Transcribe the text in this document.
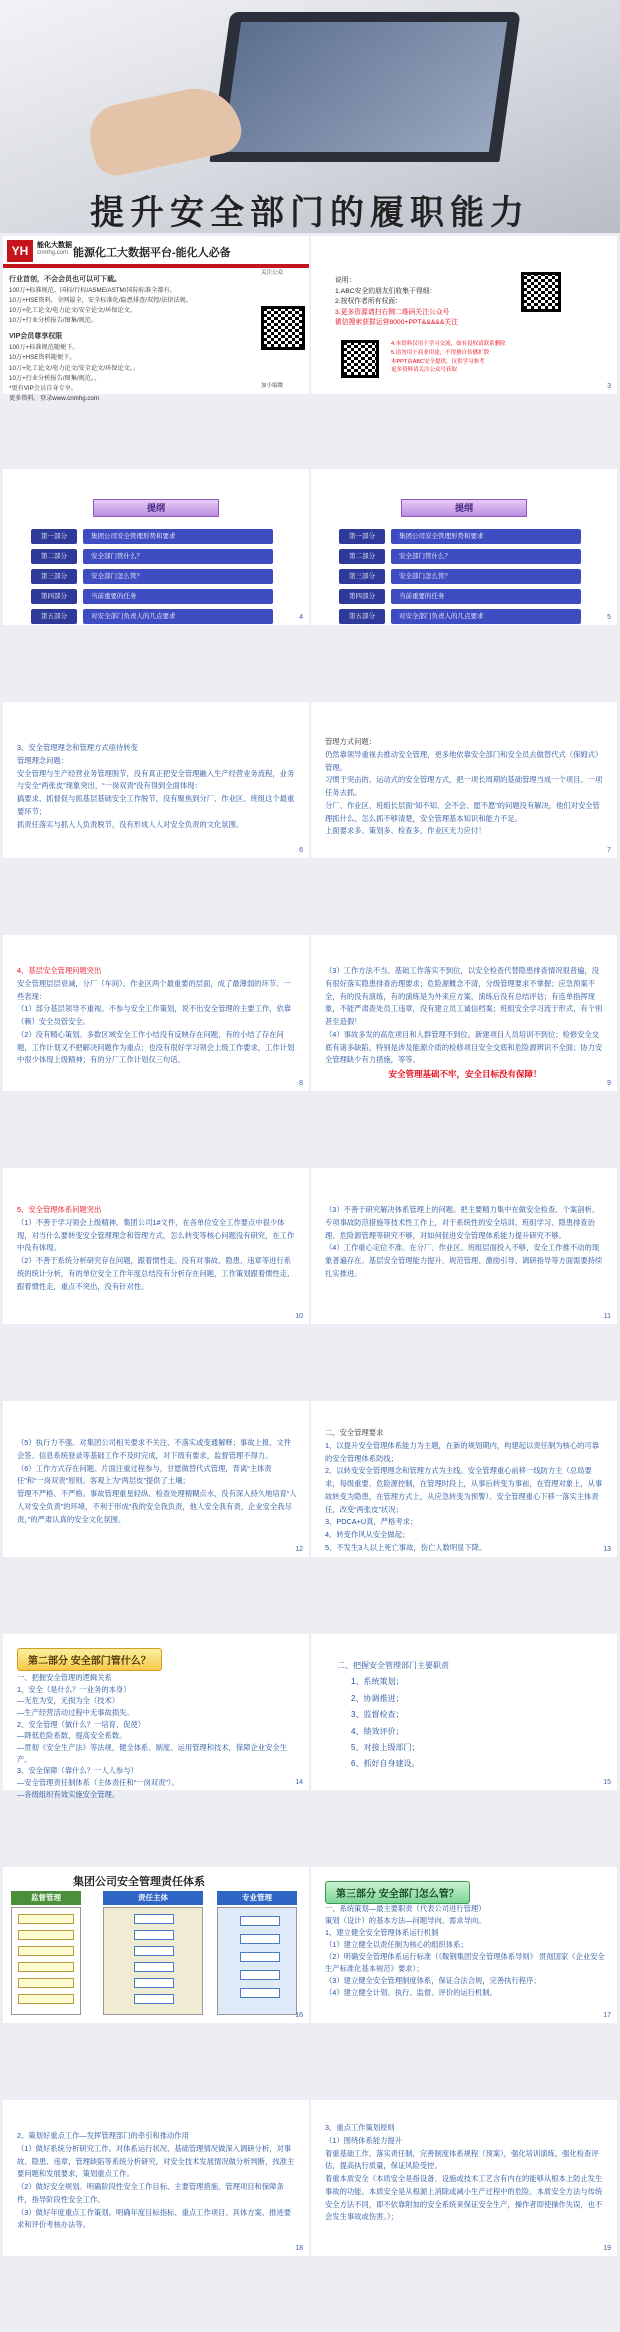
提升安全部门的履职能力
YH	能化大数据
cnmhg.com 能源化工大数据平台-能化人必备
行业首创，不会会员也可以可下载。
100万+标准规范、国标/行标/ASME/ASTM/国际标准全都有。
10万+HSE资料，全网最全，安全标准化/隐患排查/双控/法律法规。
10万+化工论文/电力论文/安全论文/环保论文。
10万+行业分析报告/图集/规范。
VIP会员尊享权限
100万+标准规范随便下。
10万+HSE资料随便下。
10万+化工论文/电力论文/安全论文/环保论文。。
10万+行业分析报告/图集/规范。。
*更有VIP会员自身专享。
更多资料，登录www.cnmhg.com
关注公众
加小编微
说明：
1.ABC安全的朋友们收集干得细：
2.按权作者所有权面：
3.更多资源请扫右侧二维码关注公众号
微信搜索获群运营8000+PPT&&&&&关注
4.本资料仅用于学习交流，如有侵权请联系删除
5.请勿用于商业用途，不得擅自传播扩散
本PPT由ABC安全提供，仅供学习参考
更多资料请关注公众号获取
3
提纲
第一部分	集团公司安全管理形势和要求
第二部分	安全部门管什么？
第三部分	安全部门怎么管？
第四部分	当前重要的任务
第五部分	对安全部门负责人的几点要求	4
提纲
第一部分	集团公司安全管理形势和要求
第二部分	安全部门管什么？
第三部分	安全部门怎么管？
第四部分	当前重要的任务
第五部分	对安全部门负责人的几点要求	5
3、安全管理理念和管理方式亟待转变
管理理念问题：
安全管理与生产经营业务管理脱节，没有真正把安全管理融入生产经营业务流程，业务与安全“两张皮”现象突出，“一岗双责”没有得到全面体现：
搞要求、抓督促与抓基层基础安全工作脱节，没有聚焦到分厂、作业区、班组这个最重要环节；
抓责任落实与抓人人负责脱节，没有形成人人对安全负责的文化氛围。
6
管理方式问题：
仍然靠领导重视去推动安全管理，更多地依靠安全部门和安全员去做替代式（保姆式）管理。
习惯于突击的、运动式的安全管理方式，把一项长周期的基础管理当成一个项目、一项任务去抓。
分厂、作业区、班组长层面“知不知、会不会、愿不愿”的问题没有解决，他们对安全管理抓什么、怎么抓不够清楚，安全管理基本知识和能力不足。
上面要求多、策划多、检查多，作业区无力应付！
7
4、基层安全管理问题突出
安全管理层层衰减，分厂（车间）、作业区两个最重要的层面，成了最薄弱的环节。一些表现：
（1）部分基层领导不重视。不参与安全工作策划，说不出安全管理的主要工作，依靠（赖）安全员管安全。
（2）没有精心策划。多数区域安全工作小结没有反映存在问题，有的小结了存在问题，工作计划又不把解决问题作为重点；也没有很好学习领会上级工作要求，工作计划中很少体现上级精神；有的分厂工作计划仅三句话。
8
（3）工作方法不当。基础工作落实不到位，以安全检查代替隐患排查情况很普遍，没有很好落实隐患排查治理要求；危险源概念不清，分级管理要求不掌握；应急预案不全，有的没有演练，有的演练是为外来应方案，演练后没有总结评估；有连单指挥现象，不能严肃查处员工违章，没有建立员工诚信档案；班组安全学习流于形式，有个别甚至造假！
（4）事故多发的高危项目和人群管理不到位。新建项目人员培训不到位；检修安全交底有诸多缺陷，特别是涉及能源介质的检修项目安全交底和危险源辨识不全面；协力安全管理缺少有力措施，等等。
安全管理基础不牢，安全目标没有保障！
9
5、安全管理体系问题突出
（1）不善于学习领会上级精神。集团公司1#文件，在各单位安全工作要点中很少体现，对当什么要转变安全管理理念和管理方式，怎么转变等核心问题没有研究，在工作中没有体现。
（2）不善于系统分析研究存在问题，跟着惯性走。没有对事故、隐患、违章等进行系统的统计分析，有的单位安全工作年度总结没有分析存在问题，工作策划跟着惯性走，跟着惯性走，重点不突出，没有针对性。
10
（3）不善于研究解决体系管理上的问题。把主要精力集中在做安全检查、个案剖析、专项事故防范措施等技术性工作上，对于系统性的安全培训、班组学习、隐患排查治理、危险源管理等研究不够，对如何促进安全管理体系能力提升研究不够。
（4）工作重心定位不准。在分厂、作业区、班组层面投入不够，安全工作推不动的现象普遍存在。基层安全管理能力提升、规范管理、激励引导、调研指导等方面需要持续扎实推进。
11
（5）执行力不强。对集团公司相关要求不关注、不落实或变通解释；事故上报、文件会签、信息系统登录等基础工作不及时完成，对下级有要求，监督管理不得力。
（6）工作方式存在问题。片面注重过程参与，甘愿做替代式管理，背离“主体责任”和“一岗双责”原则。客观上为“两层皮”提供了土壤；
管理不严格、不严格。事故管理重星轻纵、检查处理精糊点水，没有深入持久地培育“人人对安全负责”的环境，不利于形成“我的安全我负责，他人安全我有责，企业安全我尽责，”的严肃认真的安全文化氛围。
12
二、安全管理要求
1、以提升安全管理体系能力为主题，在新的规划期内，构建起以责任制为核心的可靠的安全管理体系防线；
2、以转变安全管理理念和管理方式为主线。安全管理重心前移一线防方主（总局要求，每级重要、危险源控制，在管理时段上，从事后转变为事前，在管理对象上，从事故转变为隐患，在管理方式上，从应急转变为预警）。安全管理重心下移一落实主体责任，改变“两张皮”状况；
3、PDCA+U真，严格考求；
4、转变作风从安全做起；
5、不发生3人以上死亡事故，伤亡人数明显下降。	13
第二部分 安全部门管什么？
一、把握安全管理的逻辑关系
1、安全（是什么？一业务的本身）
—无危为安，无损为全（技术）
—生产经营活动过程中无事故损失。
2、安全管理（做什么？一培育、促使）
—降低危险系数，提高安全系数。
—贯彻《安全生产法》等法规，健全体系、制度、运用管理和技术，保障企业安全生产。
3、安全保障（靠什么？一人人参与）
—安全管理责任制体系（主体责任和“一岗双责”）。
—各级组织有效实施安全管理。
14
二、把握安全管理部门主要职责
1、系统策划；
2、协调推进；
3、监督检查；
4、绩效评价；
5、对接上级部门；
6、抓好自身建设。
15
集团公司安全管理责任体系
监督管理	责任主体	专业管理
16
第三部分 安全部门怎么管？
一、系统策划—最主要职责（代表公司进行管理）
策划（设计）的基本方法—问题导向、需求导向。
1、建立健全安全管理体系运行机制
（1）建立健全以责任制为核心的组织体系；
（2）明确安全管理体系运行标准（《鞍钢集团安全管理体系导则》 贯彻国家《企业安全生产标准化基本规范》要求）；
（3）建立健全安全管理制度体系，保证合法合规，完善执行程序；
（4）建立健全计划、执行、监督、评价的运行机制。
17
2、策划好重点工作—发挥管理部门的牵引和推动作用
（1）做好系统分析研究工作。对体系运行状况、基础管理情况做深入调研分析，对事故、隐患、违章，管理缺陷等系统分析研究，对安全技术发展情况做分析判断，找准主要问题和发展要求，策划重点工作。
（2）做好安全规划。明确阶段性安全工作目标、主要管理措施、管理项目和保障条件，指导阶段性安全工作。
（3）做好年度重点工作策划。明确年度目标指标、重点工作项目、具体方案、推进要求和评价考核办法等。
18
3、重点工作策划原则
（1）围绕体系能力提升
着重基础工作，落实责任制，完善制度体系规程（预案），强化培训演练，强化检查评估，提高执行质量，保证风险受控。
着重本质安全（本质安全是指设备、设施或技术工艺含有内在的能够从根本上防止发生事故的功能。本质安全是从根源上消除或减小生产过程中的危险。本质安全方法与传统安全方法不同，即不依靠附加的安全系统来保证安全生产，操作者即使操作失误，也不会发生事故或伤害。）；
19
